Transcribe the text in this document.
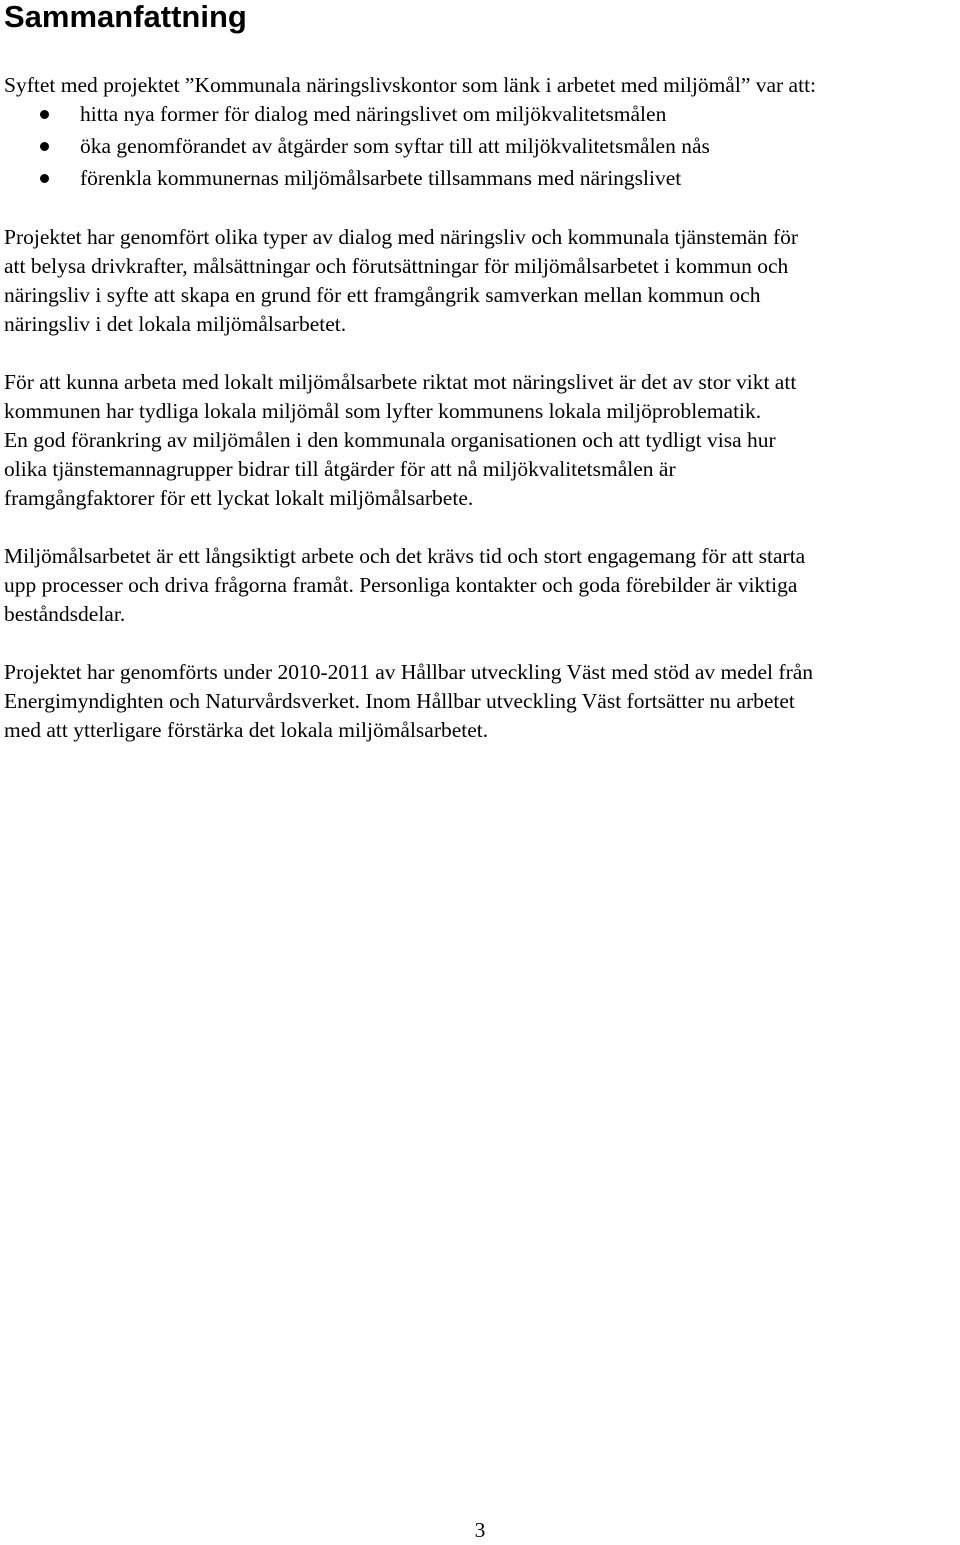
Sammanfattning

Syftet med projektet ”Kommunala näringslivskontor som länk i arbetet med miljömål” var att:

hitta nya former för dialog med näringslivet om miljökvalitetsmålen
öka genomförandet av åtgärder som syftar till att miljökvalitetsmålen nås
förenkla kommunernas miljömålsarbete tillsammans med näringslivet

Projektet har genomfört olika typer av dialog med näringsliv och kommunala tjänstemän för
att belysa drivkrafter, målsättningar och förutsättningar för miljömålsarbetet i kommun och
näringsliv i syfte att skapa en grund för ett framgångrik samverkan mellan kommun och
näringsliv i det lokala miljömålsarbetet.

För att kunna arbeta med lokalt miljömålsarbete riktat mot näringslivet är det av stor vikt att
kommunen har tydliga lokala miljömål som lyfter kommunens lokala miljöproblematik.
En god förankring av miljömålen i den kommunala organisationen och att tydligt visa hur
olika tjänstemannagrupper bidrar till åtgärder för att nå miljökvalitetsmålen är
framgångfaktorer för ett lyckat lokalt miljömålsarbete.

Miljömålsarbetet är ett långsiktigt arbete och det krävs tid och stort engagemang för att starta
upp processer och driva frågorna framåt. Personliga kontakter och goda förebilder är viktiga
beståndsdelar.

Projektet har genomförts under 2010-2011 av Hållbar utveckling Väst med stöd av medel från
Energimyndighten och Naturvårdsverket. Inom Hållbar utveckling Väst fortsätter nu arbetet
med att ytterligare förstärka det lokala miljömålsarbetet.

3
